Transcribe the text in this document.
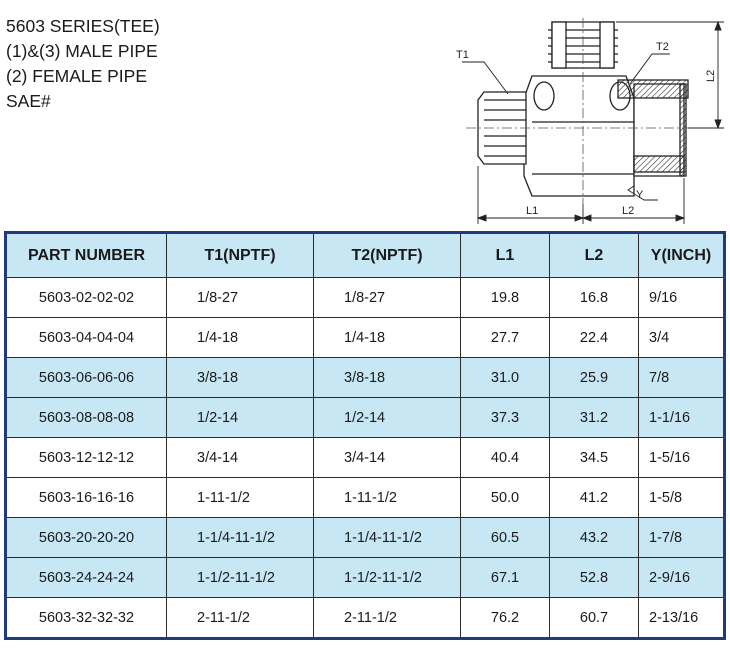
5603 SERIES(TEE)
(1)&(3) MALE PIPE
(2) FEMALE PIPE
SAE#
T1
T2
Y
L1	L2
L2
PART NUMBER	T1(NPTF)	T2(NPTF)	L1	L2	Y(INCH)
5603-02-02-02	1/8-27	1/8-27	19.8	16.8	9/16
5603-04-04-04	1/4-18	1/4-18	27.7	22.4	3/4
5603-06-06-06	3/8-18	3/8-18	31.0	25.9	7/8
5603-08-08-08	1/2-14	1/2-14	37.3	31.2	1-1/16
5603-12-12-12	3/4-14	3/4-14	40.4	34.5	1-5/16
5603-16-16-16	1-11-1/2	1-11-1/2	50.0	41.2	1-5/8
5603-20-20-20	1-1/4-11-1/2	1-1/4-11-1/2	60.5	43.2	1-7/8
5603-24-24-24	1-1/2-11-1/2	1-1/2-11-1/2	67.1	52.8	2-9/16
5603-32-32-32	2-11-1/2	2-11-1/2	76.2	60.7	2-13/16
